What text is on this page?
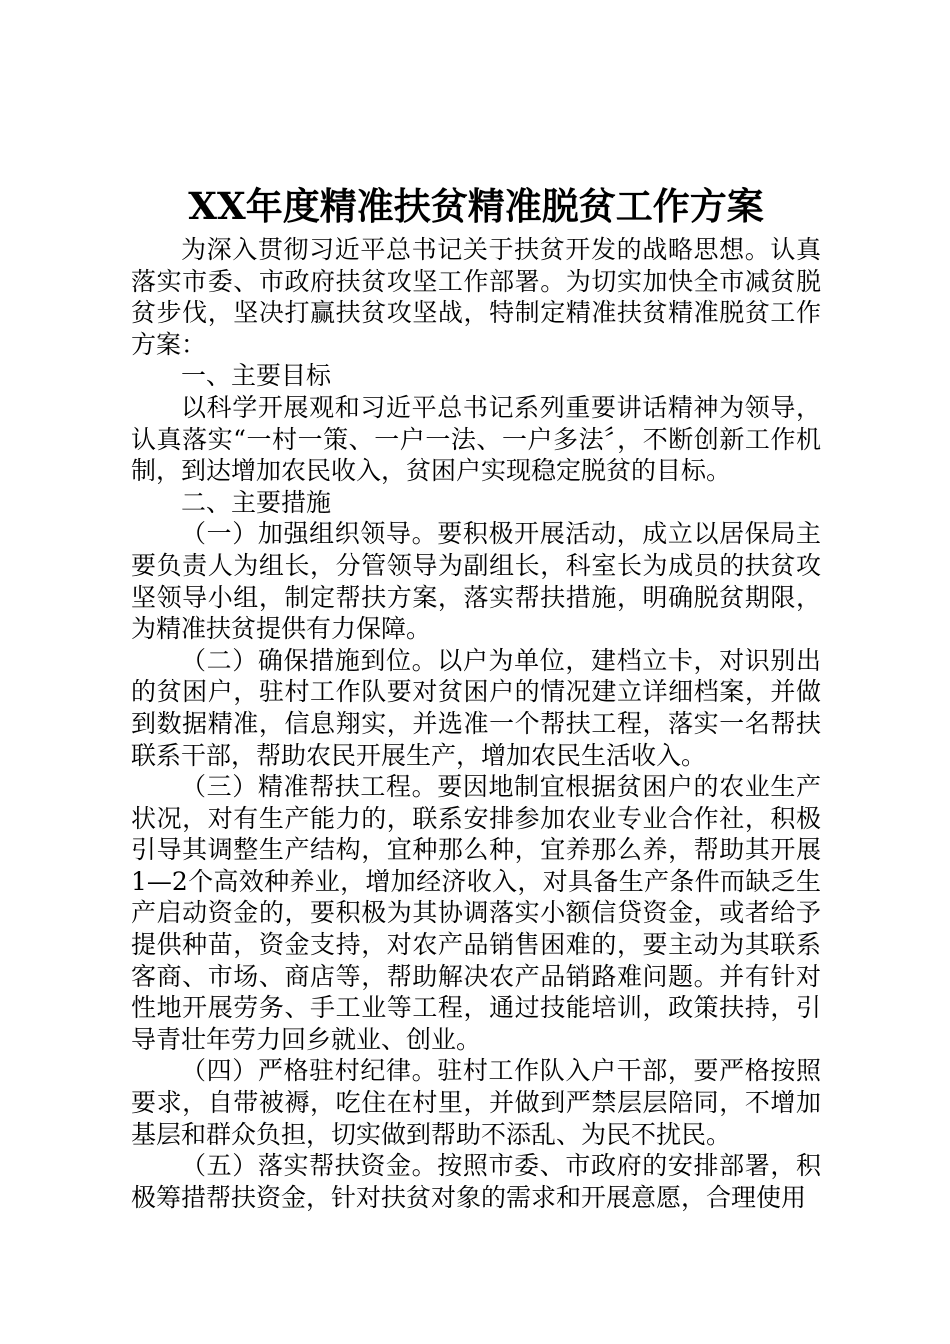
XX年度精准扶贫精准脱贫工作方案

为深入贯彻习近平总书记关于扶贫开发的战略思想。认真落实市委、市政府扶贫攻坚工作部署。为切实加快全市减贫脱贫步伐，坚决打赢扶贫攻坚战，特制定精准扶贫精准脱贫工作方案：

一、主要目标

以科学开展观和习近平总书记系列重要讲话精神为领导，认真落实“一村一策、一户一法、一户多法〞，不断创新工作机制，到达增加农民收入，贫困户实现稳定脱贫的目标。

二、主要措施

（一）加强组织领导。要积极开展活动，成立以居保局主要负责人为组长，分管领导为副组长，科室长为成员的扶贫攻坚领导小组，制定帮扶方案，落实帮扶措施，明确脱贫期限，为精准扶贫提供有力保障。

（二）确保措施到位。以户为单位，建档立卡，对识别出的贫困户，驻村工作队要对贫困户的情况建立详细档案，并做到数据精准，信息翔实，并选准一个帮扶工程，落实一名帮扶联系干部，帮助农民开展生产，增加农民生活收入。

（三）精准帮扶工程。要因地制宜根据贫困户的农业生产状况，对有生产能力的，联系安排参加农业专业合作社，积极引导其调整生产结构，宜种那么种，宜养那么养，帮助其开展1—2个高效种养业，增加经济收入，对具备生产条件而缺乏生产启动资金的，要积极为其协调落实小额信贷资金，或者给予提供种苗，资金支持，对农产品销售困难的，要主动为其联系客商、市场、商店等，帮助解决农产品销路难问题。并有针对性地开展劳务、手工业等工程，通过技能培训，政策扶持，引导青壮年劳力回乡就业、创业。

（四）严格驻村纪律。驻村工作队入户干部，要严格按照要求，自带被褥，吃住在村里，并做到严禁层层陪同，不增加基层和群众负担，切实做到帮助不添乱、为民不扰民。

（五）落实帮扶资金。按照市委、市政府的安排部署，积极筹措帮扶资金，针对扶贫对象的需求和开展意愿，合理使用
